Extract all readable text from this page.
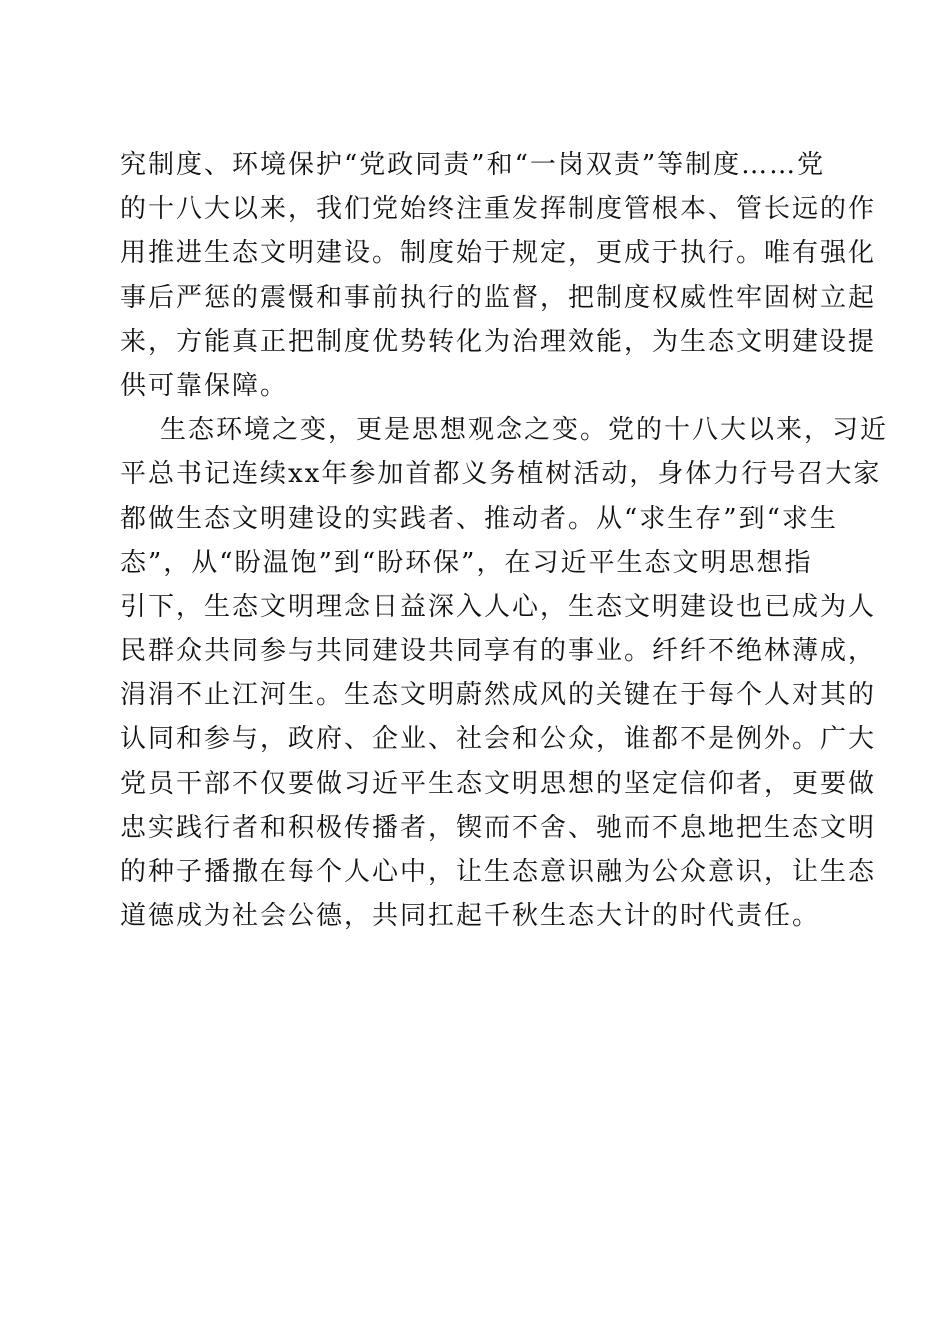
究制度、环境保护“党政同责”和“一岗双责”等制度……党
的十八大以来，我们党始终注重发挥制度管根本、管长远的作
用推进生态文明建设。制度始于规定，更成于执行。唯有强化
事后严惩的震慑和事前执行的监督，把制度权威性牢固树立起
来，方能真正把制度优势转化为治理效能，为生态文明建设提
供可靠保障。
生态环境之变，更是思想观念之变。党的十八大以来，习近
平总书记连续xx年参加首都义务植树活动，身体力行号召大家
都做生态文明建设的实践者、推动者。从“求生存”到“求生
态”，从“盼温饱”到“盼环保”，在习近平生态文明思想指
引下，生态文明理念日益深入人心，生态文明建设也已成为人
民群众共同参与共同建设共同享有的事业。纤纤不绝林薄成，
涓涓不止江河生。生态文明蔚然成风的关键在于每个人对其的
认同和参与，政府、企业、社会和公众，谁都不是例外。广大
党员干部不仅要做习近平生态文明思想的坚定信仰者，更要做
忠实践行者和积极传播者，锲而不舍、驰而不息地把生态文明
的种子播撒在每个人心中，让生态意识融为公众意识，让生态
道德成为社会公德，共同扛起千秋生态大计的时代责任。
